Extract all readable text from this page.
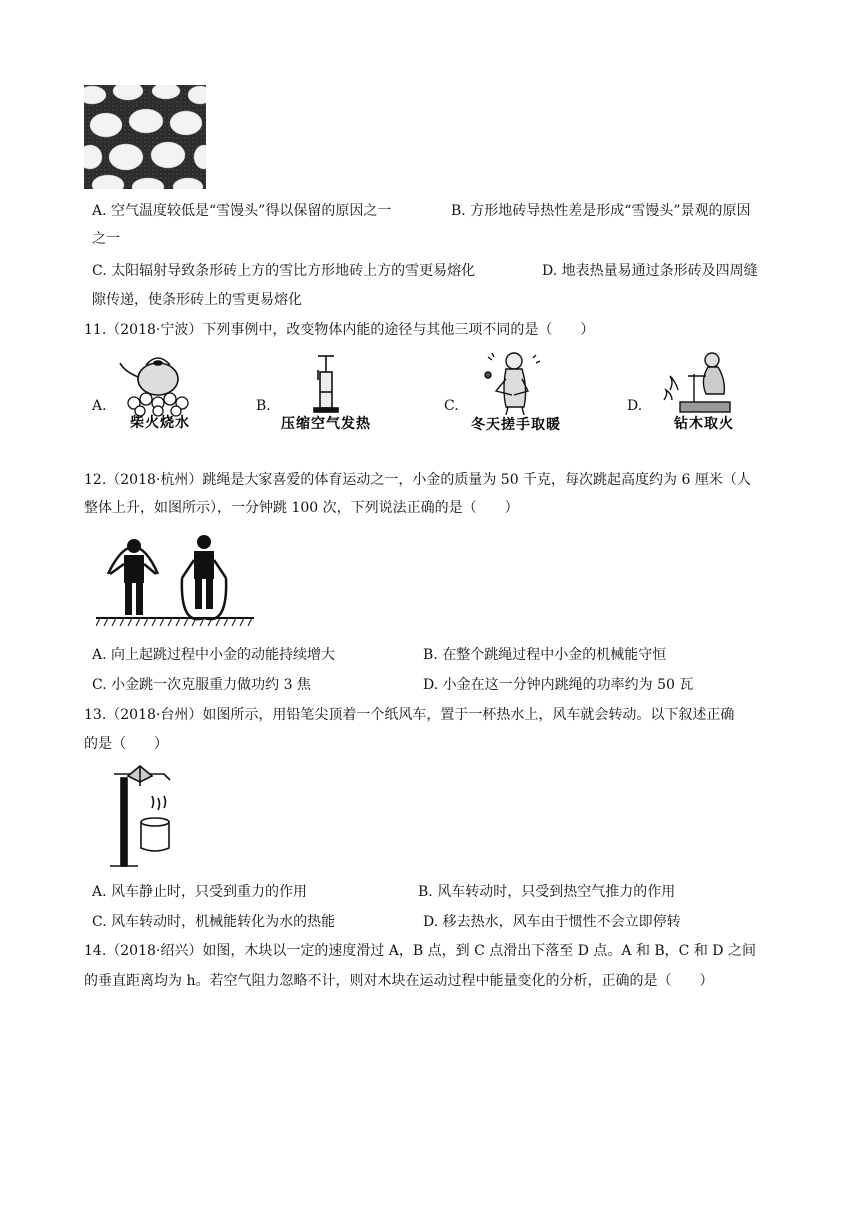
A. 空气温度较低是“雪馒头”得以保留的原因之一	B. 方形地砖导热性差是形成“雪馒头”景观的原因
之一
C. 太阳辐射导致条形砖上方的雪比方形地砖上方的雪更易熔化	D. 地表热量易通过条形砖及四周缝
隙传递，使条形砖上的雪更易熔化
11.（2018·宁波）下列事例中，改变物体内能的途径与其他三项不同的是（　　）
A.
柴火烧水
B.
压缩空气发热
C.
冬天搓手取暖
D.
钻木取火
12.（2018·杭州）跳绳是大家喜爱的体育运动之一，小金的质量为 50 千克，每次跳起高度约为 6 厘米（人
整体上升，如图所示），一分钟跳 100 次，下列说法正确的是（　　）
A. 向上起跳过程中小金的动能持续增大	B. 在整个跳绳过程中小金的机械能守恒
C. 小金跳一次克服重力做功约 3 焦	D. 小金在这一分钟内跳绳的功率约为 50 瓦
13.（2018·台州）如图所示，用铅笔尖顶着一个纸风车，置于一杯热水上，风车就会转动。以下叙述正确
的是（　　）
A. 风车静止时，只受到重力的作用	B. 风车转动时，只受到热空气推力的作用
C. 风车转动时，机械能转化为水的热能	D. 移去热水，风车由于惯性不会立即停转
14.（2018·绍兴）如图，木块以一定的速度滑过 A，B 点，到 C 点滑出下落至 D 点。A 和 B，C 和 D 之间
的垂直距离均为 h。若空气阻力忽略不计，则对木块在运动过程中能量变化的分析，正确的是（　　）
